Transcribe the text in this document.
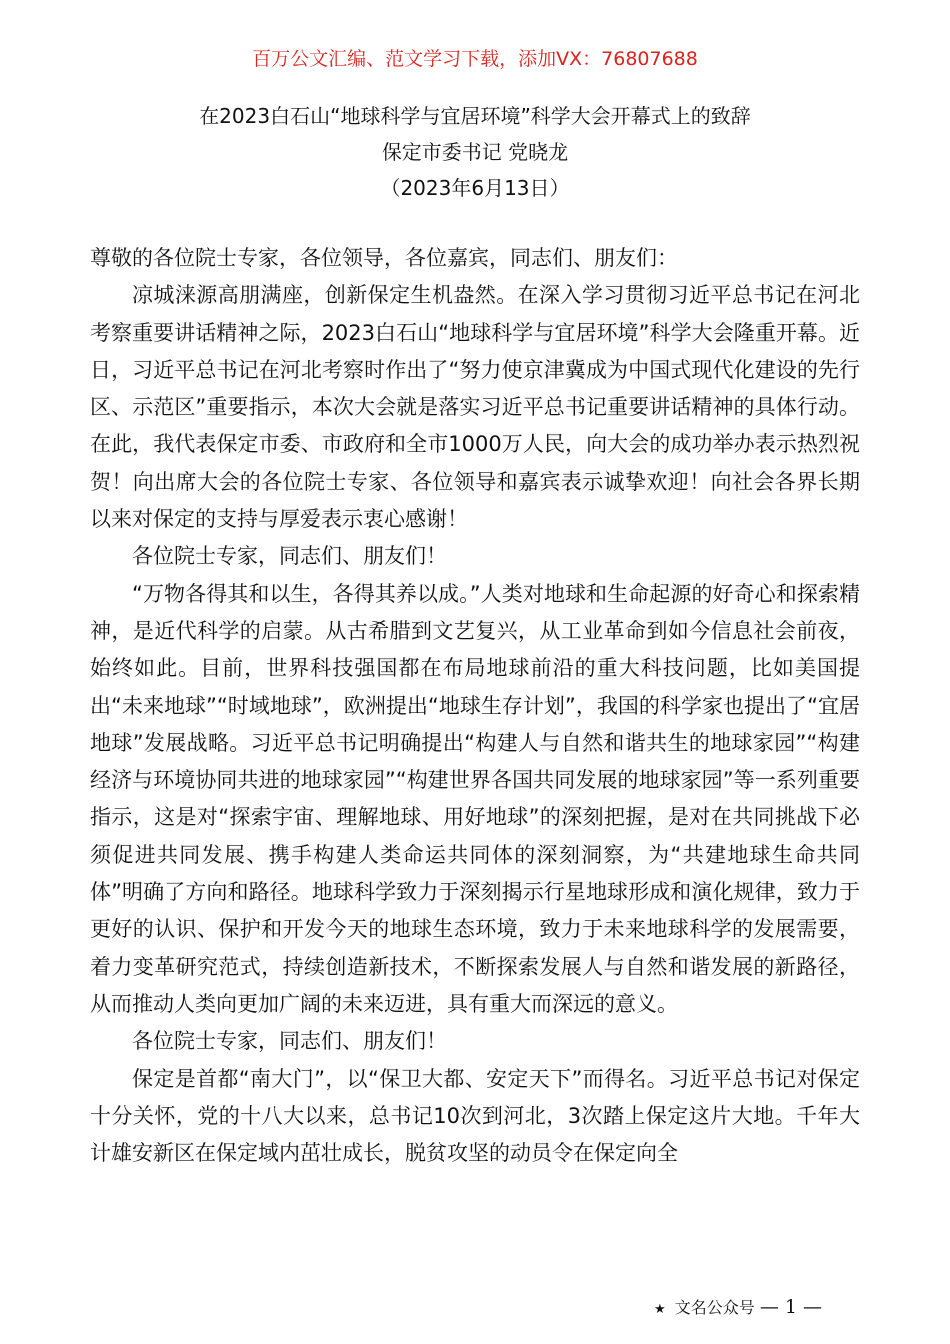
百万公文汇编、范文学习下载，添加VX：76807688
在2023白石山“地球科学与宜居环境”科学大会开幕式上的致辞
保定市委书记 党晓龙
（2023年6月13日）

尊敬的各位院士专家，各位领导，各位嘉宾，同志们、朋友们：

凉城涞源高朋满座，创新保定生机盎然。在深入学习贯彻习近平总书记在河北考察重要讲话精神之际，2023白石山“地球科学与宜居环境”科学大会隆重开幕。近日，习近平总书记在河北考察时作出了“努力使京津冀成为中国式现代化建设的先行区、示范区”重要指示，本次大会就是落实习近平总书记重要讲话精神的具体行动。在此，我代表保定市委、市政府和全市1000万人民，向大会的成功举办表示热烈祝贺！向出席大会的各位院士专家、各位领导和嘉宾表示诚挚欢迎！向社会各界长期以来对保定的支持与厚爱表示衷心感谢！

各位院士专家，同志们、朋友们！

“万物各得其和以生，各得其养以成。”人类对地球和生命起源的好奇心和探索精神，是近代科学的启蒙。从古希腊到文艺复兴，从工业革命到如今信息社会前夜，始终如此。目前，世界科技强国都在布局地球前沿的重大科技问题，比如美国提出“未来地球”“时域地球”，欧洲提出“地球生存计划”，我国的科学家也提出了“宜居地球”发展战略。习近平总书记明确提出“构建人与自然和谐共生的地球家园”“构建经济与环境协同共进的地球家园”“构建世界各国共同发展的地球家园”等一系列重要指示，这是对“探索宇宙、理解地球、用好地球”的深刻把握，是对在共同挑战下必须促进共同发展、携手构建人类命运共同体的深刻洞察，为“共建地球生命共同体”明确了方向和路径。地球科学致力于深刻揭示行星地球形成和演化规律，致力于更好的认识、保护和开发今天的地球生态环境，致力于未来地球科学的发展需要，着力变革研究范式，持续创造新技术，不断探索发展人与自然和谐发展的新路径，从而推动人类向更加广阔的未来迈进，具有重大而深远的意义。

各位院士专家，同志们、朋友们！

保定是首都“南大门”，以“保卫大都、安定天下”而得名。习近平总书记对保定十分关怀，党的十八大以来，总书记10次到河北，3次踏上保定这片大地。千年大计雄安新区在保定域内茁壮成长，脱贫攻坚的动员令在保定向全

★ 文名公众号 — 1 —
